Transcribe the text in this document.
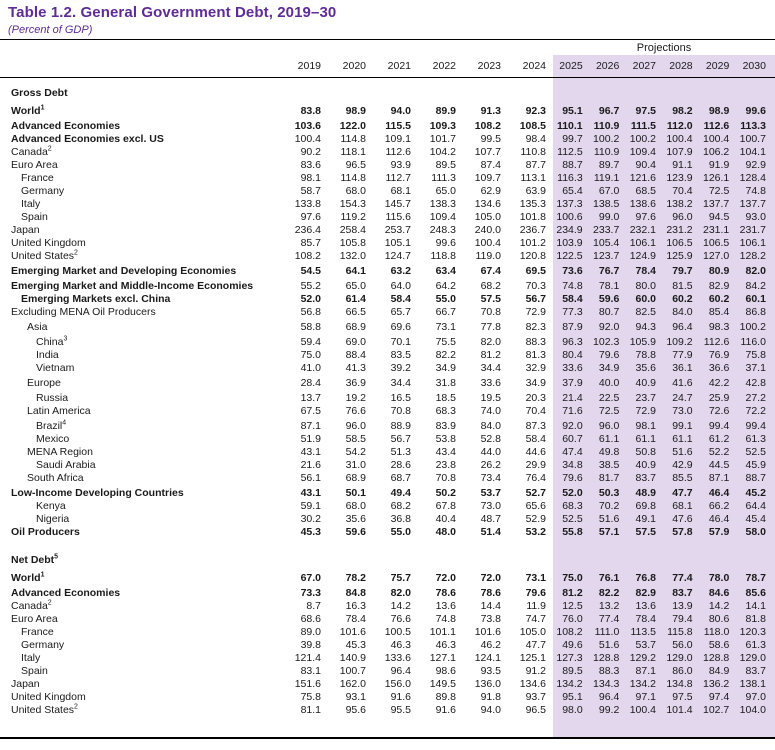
Table 1.2. General Government Debt, 2019–30
(Percent of GDP)
Projections
2019	2020	2021	2022	2023	2024	2025	2026	2027	2028	2029	2030
Gross Debt
World$^1$	83.8	98.9	94.0	89.9	91.3	92.3	95.1	96.7	97.5	98.2	98.9	99.6
Advanced Economies	103.6	122.0	115.5	109.3	108.2	108.5	110.1	110.9	111.5	112.0	112.6	113.3
Advanced Economies excl. US	100.4	114.8	109.1	101.7	99.5	98.4	99.7 100.2 100.2 100.4 100.4 100.7
Canada$^2$	90.2	118.1	112.6	104.2	107.7	110.8	112.5	110.9 109.4 107.9 106.2 104.1
Euro Area	83.6	96.5	93.9	89.5	87.4	87.7	88.7	89.7	90.4	91.1	91.9	92.9
France	98.1	114.8	112.7	111.3	109.7	113.1	116.3	119.1 121.6 123.9 126.1 128.4
Germany	58.7	68.0	68.1	65.0	62.9	63.9	65.4	67.0	68.5	70.4	72.5	74.8
Italy	133.8	154.3	145.7	138.3	134.6	135.3 137.3 138.5 138.6 138.2 137.7 137.7
Spain	97.6	119.2	115.6	109.4	105.0	101.8 100.6	99.0	97.6	96.0	94.5	93.0
Japan	236.4	258.4	253.7	248.3	240.0	236.7 234.9 233.7 232.1 231.2 231.1 231.7
United Kingdom	85.7	105.8	105.1	99.6	100.4	101.2 103.9 105.4 106.1 106.5 106.5 106.1
United States$^2$	108.2	132.0	124.7	118.8	119.0	120.8 122.5 123.7 124.9 125.9 127.0 128.2
Emerging Market and Developing Economies	54.5	64.1	63.2	63.4	67.4	69.5	73.6	76.7	78.4	79.7	80.9	82.0
Emerging Market and Middle-Income Economies	55.2	65.0	64.0	64.2	68.2	70.3	74.8	78.1	80.0	81.5	82.9	84.2
Emerging Markets excl. China	52.0	61.4	58.4	55.0	57.5	56.7	58.4	59.6	60.0	60.2	60.2	60.1
Excluding MENA Oil Producers	56.8	66.5	65.7	66.7	70.8	72.9	77.3	80.7	82.5	84.0	85.4	86.8
Asia	58.8	68.9	69.6	73.1	77.8	82.3	87.9	92.0	94.3	96.4	98.3 100.2
China$^3$	59.4	69.0	70.1	75.5	82.0	88.3	96.3 102.3 105.9 109.2	112.6	116.0
India	75.0	88.4	83.5	82.2	81.2	81.3	80.4	79.6	78.8	77.9	76.9	75.8
Vietnam	41.0	41.3	39.2	34.9	34.4	32.9	33.6	34.9	35.6	36.1	36.6	37.1
Europe	28.4	36.9	34.4	31.8	33.6	34.9	37.9	40.0	40.9	41.6	42.2	42.8
Russia	13.7	19.2	16.5	18.5	19.5	20.3	21.4	22.5	23.7	24.7	25.9	27.2
Latin America	67.5	76.6	70.8	68.3	74.0	70.4	71.6	72.5	72.9	73.0	72.6	72.2
Brazil$^4$	87.1	96.0	88.9	83.9	84.0	87.3	92.0	96.0	98.1	99.1	99.4	99.4
Mexico	51.9	58.5	56.7	53.8	52.8	58.4	60.7	61.1	61.1	61.1	61.2	61.3
MENA Region	43.1	54.2	51.3	43.4	44.0	44.6	47.4	49.8	50.8	51.6	52.2	52.5
Saudi Arabia	21.6	31.0	28.6	23.8	26.2	29.9	34.8	38.5	40.9	42.9	44.5	45.9
South Africa	56.1	68.9	68.7	70.8	73.4	76.4	79.6	81.7	83.7	85.5	87.1	88.7
Low-Income Developing Countries	43.1	50.1	49.4	50.2	53.7	52.7	52.0	50.3	48.9	47.7	46.4	45.2
Kenya	59.1	68.0	68.2	67.8	73.0	65.6	68.3	70.2	69.8	68.1	66.2	64.4
Nigeria	30.2	35.6	36.8	40.4	48.7	52.9	52.5	51.6	49.1	47.6	46.4	45.4
Oil Producers	45.3	59.6	55.0	48.0	51.4	53.2	55.8	57.1	57.5	57.8	57.9	58.0
Net Debt$^5$
World$^1$	67.0	78.2	75.7	72.0	72.0	73.1	75.0	76.1	76.8	77.4	78.0	78.7
Advanced Economies	73.3	84.8	82.0	78.6	78.6	79.6	81.2	82.2	82.9	83.7	84.6	85.6
Canada$^2$	8.7	16.3	14.2	13.6	14.4	11.9	12.5	13.2	13.6	13.9	14.2	14.1
Euro Area	68.6	78.4	76.6	74.8	73.8	74.7	76.0	77.4	78.4	79.4	80.6	81.8
France	89.0	101.6	100.5	101.1	101.6	105.0 108.2	111.0	113.5	115.8	118.0 120.3
Germany	39.8	45.3	46.3	46.3	46.2	47.7	49.6	51.6	53.7	56.0	58.6	61.3
Italy	121.4	140.9	133.6	127.1	124.1	125.1 127.3 128.8 129.2 129.0 128.8 129.0
Spain	83.1	100.7	96.4	98.6	93.5	91.2	89.5	88.3	87.1	86.0	84.9	83.7
Japan	151.6	162.0	156.0	149.5	136.0	134.6 134.2 134.3 134.2 134.8 136.2 138.1
United Kingdom	75.8	93.1	91.6	89.8	91.8	93.7	95.1	96.4	97.1	97.5	97.4	97.0
United States$^2$	81.1	95.6	95.5	91.6	94.0	96.5	98.0	99.2 100.4 101.4 102.7 104.0
